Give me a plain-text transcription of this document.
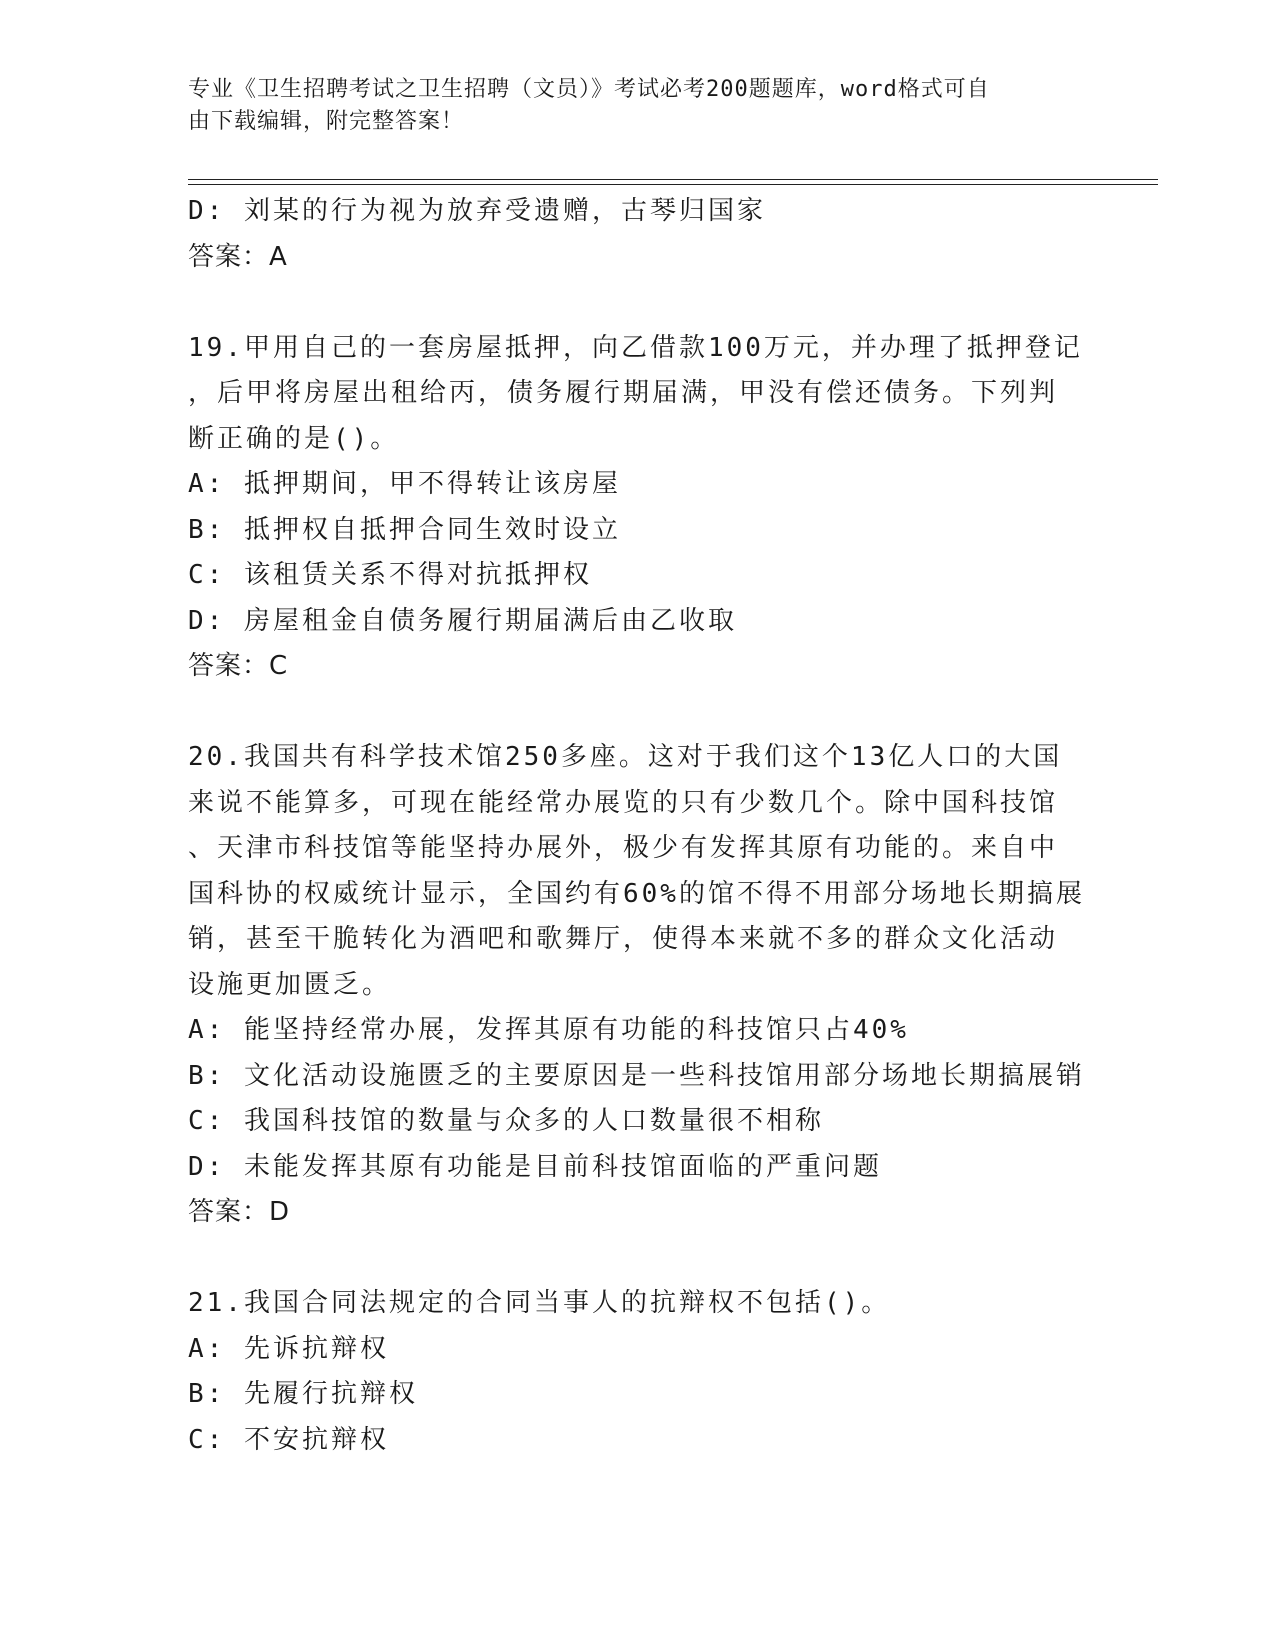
专业《卫生招聘考试之卫生招聘（文员）》考试必考200题题库，word格式可自
由下载编辑，附完整答案！
D: 刘某的行为视为放弃受遗赠，古琴归国家
答案：A
19.甲用自己的一套房屋抵押，向乙借款100万元，并办理了抵押登记
，后甲将房屋出租给丙，债务履行期届满，甲没有偿还债务。下列判
断正确的是()。
A: 抵押期间，甲不得转让该房屋
B: 抵押权自抵押合同生效时设立
C: 该租赁关系不得对抗抵押权
D: 房屋租金自债务履行期届满后由乙收取
答案：C
20.我国共有科学技术馆250多座。这对于我们这个13亿人口的大国
来说不能算多，可现在能经常办展览的只有少数几个。除中国科技馆
、天津市科技馆等能坚持办展外，极少有发挥其原有功能的。来自中
国科协的权威统计显示，全国约有60%的馆不得不用部分场地长期搞展
销，甚至干脆转化为酒吧和歌舞厅，使得本来就不多的群众文化活动
设施更加匮乏。
A: 能坚持经常办展，发挥其原有功能的科技馆只占40%
B: 文化活动设施匮乏的主要原因是一些科技馆用部分场地长期搞展销
C: 我国科技馆的数量与众多的人口数量很不相称
D: 未能发挥其原有功能是目前科技馆面临的严重问题
答案：D
21.我国合同法规定的合同当事人的抗辩权不包括()。
A: 先诉抗辩权
B: 先履行抗辩权
C: 不安抗辩权
